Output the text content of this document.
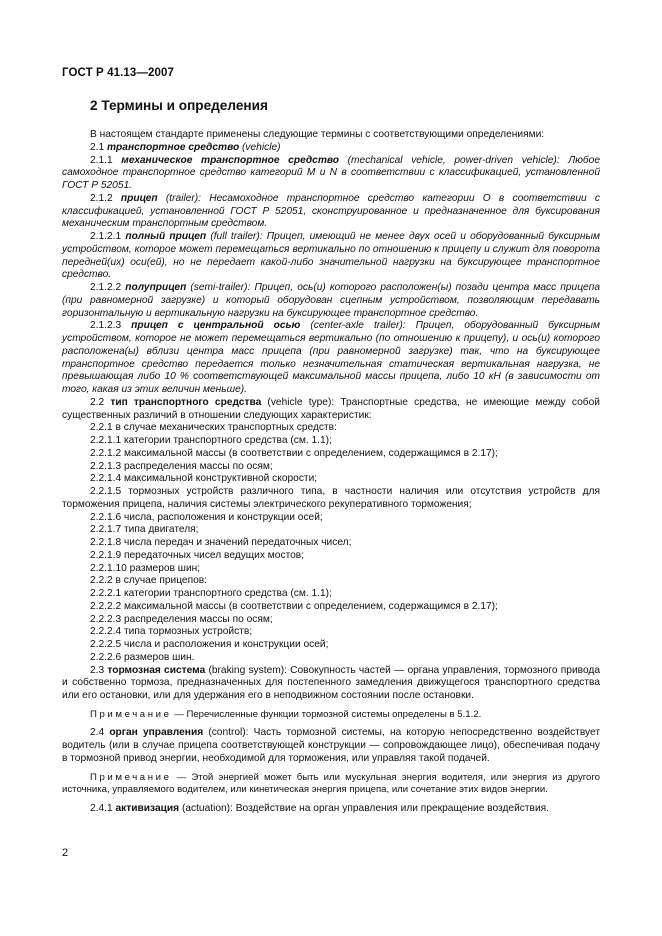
ГОСТ Р 41.13—2007
2 Термины и определения

В настоящем стандарте применены следующие термины с соответствующими определениями:

2.1 транспортное средство (vehicle)

2.1.1 механическое транспортное средство (mechanical vehicle, power-driven vehicle): Любое самоходное транспортное средство категорий M и N в соответствии с классификацией, установленной ГОСТ Р 52051.

2.1.2 прицеп (trailer): Несамоходное транспортное средство категории O в соответствии с классификацией, установленной ГОСТ Р 52051, сконструированное и предназначенное для буксирования механическим транспортным средством.

2.1.2.1 полный прицеп (full trailer): Прицеп, имеющий не менее двух осей и оборудованный буксирным устройством, которое может перемещаться вертикально по отношению к прицепу и служит для поворота передней(их) оси(ей), но не передает какой-либо значительной нагрузки на буксирующее транспортное средство.

2.1.2.2 полуприцеп (semi-trailer): Прицеп, ось(и) которого расположен(ы) позади центра масс прицепа (при равномерной загрузке) и который оборудован сцепным устройством, позволяющим передавать горизонтальную и вертикальную нагрузки на буксирующее транспортное средство.

2.1.2.3 прицеп с центральной осью (center-axle trailer): Прицеп, оборудованный буксирным устройством, которое не может перемещаться вертикально (по отношению к прицепу), и ось(и) которого расположена(ы) вблизи центра масс прицепа (при равномерной загрузке) так, что на буксирующее транспортное средство передается только незначительная статическая вертикальная нагрузка, не превышающая либо 10 % соответствующей максимальной массы прицепа, либо 10 кН (в зависимости от того, какая из этих величин меньше).

2.2 тип транспортного средства (vehicle type): Транспортные средства, не имеющие между собой существенных различий в отношении следующих характеристик:

2.2.1 в случае механических транспортных средств:

2.2.1.1 категории транспортного средства (см. 1.1);

2.2.1.2 максимальной массы (в соответствии с определением, содержащимся в 2.17);

2.2.1.3 распределения массы по осям;

2.2.1.4 максимальной конструктивной скорости;

2.2.1.5 тормозных устройств различного типа, в частности наличия или отсутствия устройств для торможения прицепа, наличия системы электрического рекуперативного торможения;

2.2.1.6 числа, расположения и конструкции осей;

2.2.1.7 типа двигателя;

2.2.1.8 числа передач и значений передаточных чисел;

2.2.1.9 передаточных чисел ведущих мостов;

2.2.1.10 размеров шин;

2.2.2 в случае прицепов:

2.2.2.1 категории транспортного средства (см. 1.1);

2.2.2.2 максимальной массы (в соответствии с определением, содержащимся в 2.17);

2.2.2.3 распределения массы по осям;

2.2.2.4 типа тормозных устройств;

2.2.2.5 числа и расположения и конструкции осей;

2.2.2.6 размеров шин.

2.3 тормозная система (braking system): Совокупность частей — органа управления, тормозного привода и собственно тормоза, предназначенных для постепенного замедления движущегося транспортного средства или его остановки, или для удержания его в неподвижном состоянии после остановки.

Примечание — Перечисленные функции тормозной системы определены в 5.1.2.

2.4 орган управления (control): Часть тормозной системы, на которую непосредственно воздействует водитель (или в случае прицепа соответствующей конструкции — сопровождающее лицо), обеспечивая подачу в тормозной привод энергии, необходимой для торможения, или управляя такой подачей.

Примечание — Этой энергией может быть или мускульная энергия водителя, или энергия из другого источника, управляемого водителем, или кинетическая энергия прицепа, или сочетание этих видов энергии.

2.4.1 активизация (actuation): Воздействие на орган управления или прекращение воздействия.

2
